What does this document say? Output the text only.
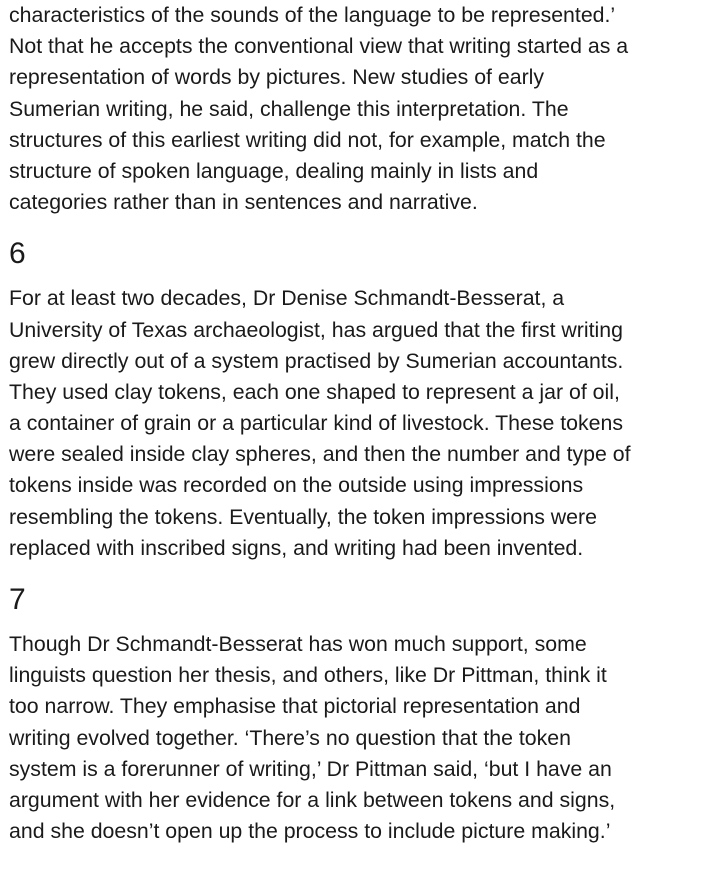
characteristics of the sounds of the language to be represented.’
Not that he accepts the conventional view that writing started as a
representation of words by pictures. New studies of early
Sumerian writing, he said, challenge this interpretation. The
structures of this earliest writing did not, for example, match the
structure of spoken language, dealing mainly in lists and
categories rather than in sentences and narrative.
6
For at least two decades, Dr Denise Schmandt-Besserat, a
University of Texas archaeologist, has argued that the first writing
grew directly out of a system practised by Sumerian accountants.
They used clay tokens, each one shaped to represent a jar of oil,
a container of grain or a particular kind of livestock. These tokens
were sealed inside clay spheres, and then the number and type of
tokens inside was recorded on the outside using impressions
resembling the tokens. Eventually, the token impressions were
replaced with inscribed signs, and writing had been invented.
7
Though Dr Schmandt-Besserat has won much support, some
linguists question her thesis, and others, like Dr Pittman, think it
too narrow. They emphasise that pictorial representation and
writing evolved together. ‘There’s no question that the token
system is a forerunner of writing,’ Dr Pittman said, ‘but I have an
argument with her evidence for a link between tokens and signs,
and she doesn’t open up the process to include picture making.’
